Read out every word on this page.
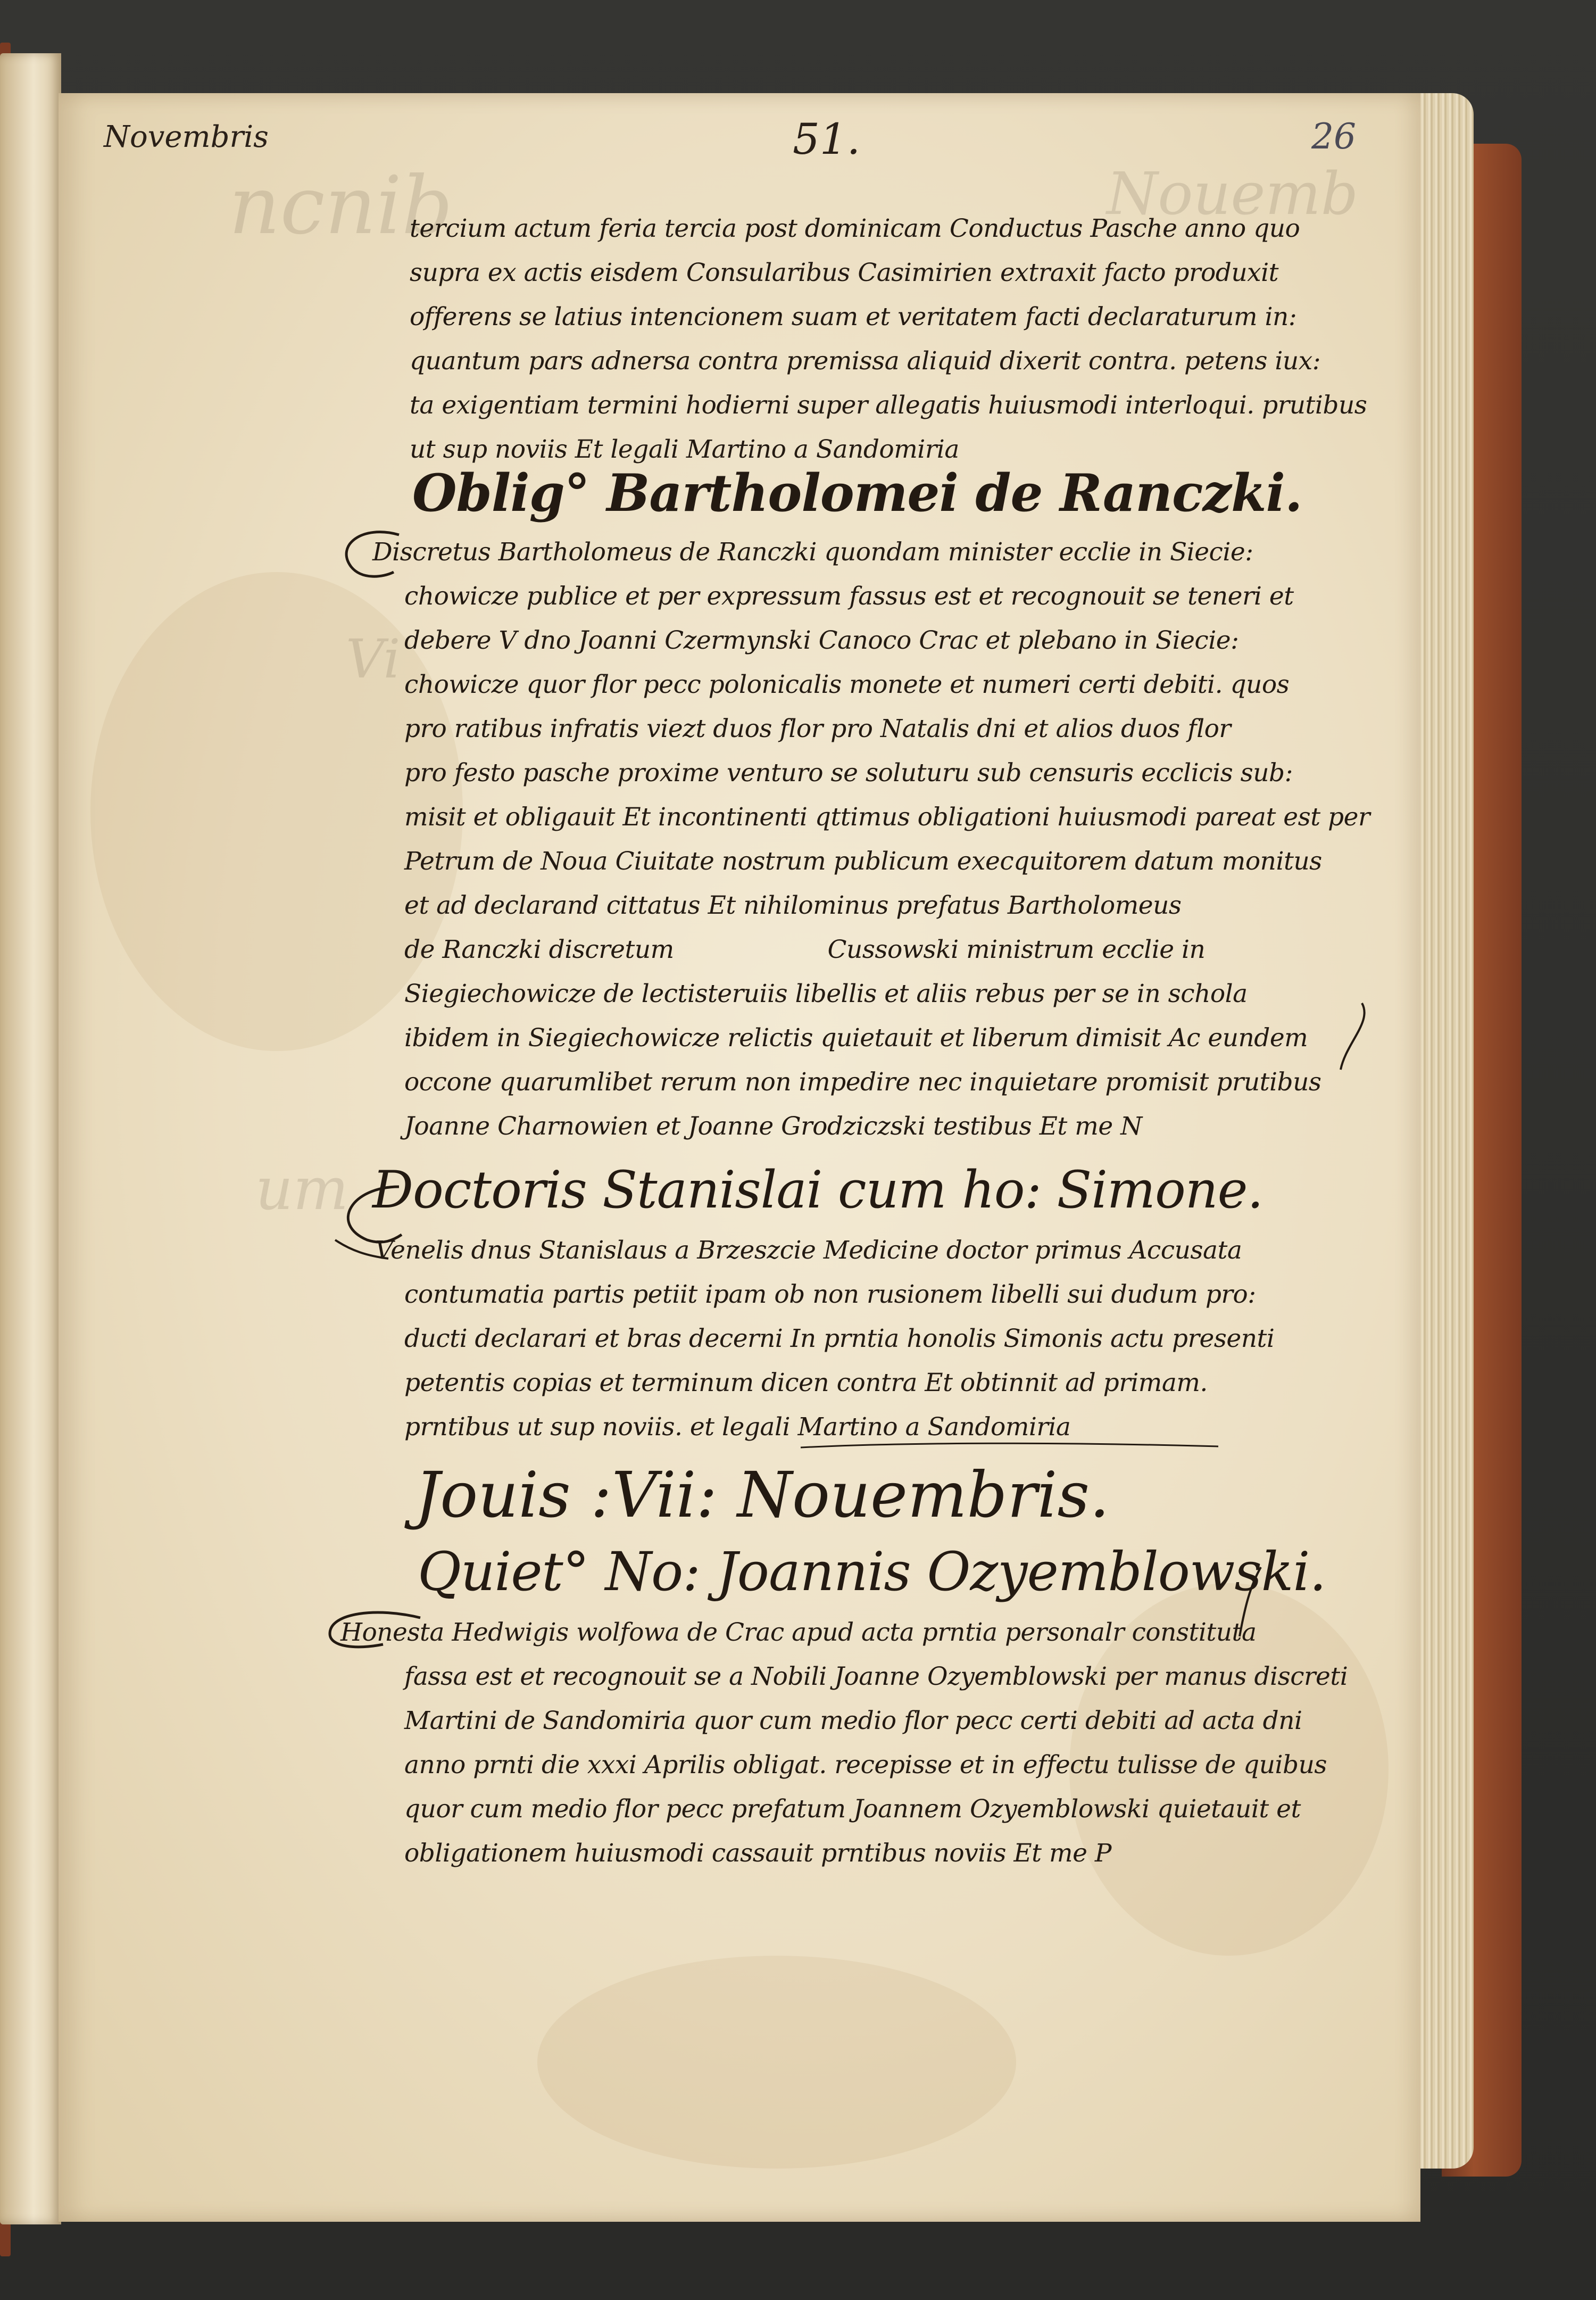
ncnib
um
Nouemb
Vi
Novembris	51.	26
tercium actum feria tercia post dominicam Conductus Pasche anno quo
supra ex actis eisdem Consularibus Casimirien extraxit facto produxit
offerens se latius intencionem suam et veritatem facti declaraturum in:
quantum pars adnersa contra premissa aliquid dixerit contra. petens iux:
ta exigentiam termini hodierni super allegatis huiusmodi interloqui. prutibus
ut sup noviis Et legali Martino a Sandomiria
Oblig° Bartholomei de Ranczki.
Discretus Bartholomeus de Ranczki quondam minister ecclie in Siecie:
chowicze publice et per expressum fassus est et recognouit se teneri et
debere V dno Joanni Czermynski Canoco Crac et plebano in Siecie:
chowicze quor flor pecc polonicalis monete et numeri certi debiti. quos
pro ratibus infratis viezt duos flor pro Natalis dni et alios duos flor
pro festo pasche proxime venturo se soluturu sub censuris ecclicis sub:
misit et obligauit Et incontinenti qttimus obligationi huiusmodi pareat est per
Petrum de Noua Ciuitate nostrum publicum execquitorem datum monitus
et ad declarand cittatus Et nihilominus prefatus Bartholomeus
de Ranczki discretum                    Cussowski ministrum ecclie in
Siegiechowicze de lectisteruiis libellis et aliis rebus per se in schola
ibidem in Siegiechowicze relictis quietauit et liberum dimisit Ac eundem
occone quarumlibet rerum non impedire nec inquietare promisit prutibus
Joanne Charnowien et Joanne Grodziczski testibus Et me N
Doctoris Stanislai cum ho: Simone.
Venelis dnus Stanislaus a Brzeszcie Medicine doctor primus Accusata
contumatia partis petiit ipam ob non rusionem libelli sui dudum pro:
ducti declarari et bras decerni In prntia honolis Simonis actu presenti
petentis copias et terminum dicen contra Et obtinnit ad primam.
prntibus ut sup noviis. et legali Martino a Sandomiria
Jouis :Vii: Nouembris.
Quiet° No: Joannis Ozyemblowski.
Honesta Hedwigis wolfowa de Crac apud acta prntia personalr constituta
fassa est et recognouit se a Nobili Joanne Ozyemblowski per manus discreti
Martini de Sandomiria quor cum medio flor pecc certi debiti ad acta dni
anno prnti die xxxi Aprilis obligat. recepisse et in effectu tulisse de quibus
quor cum medio flor pecc prefatum Joannem Ozyemblowski quietauit et
obligationem huiusmodi cassauit prntibus noviis Et me P
